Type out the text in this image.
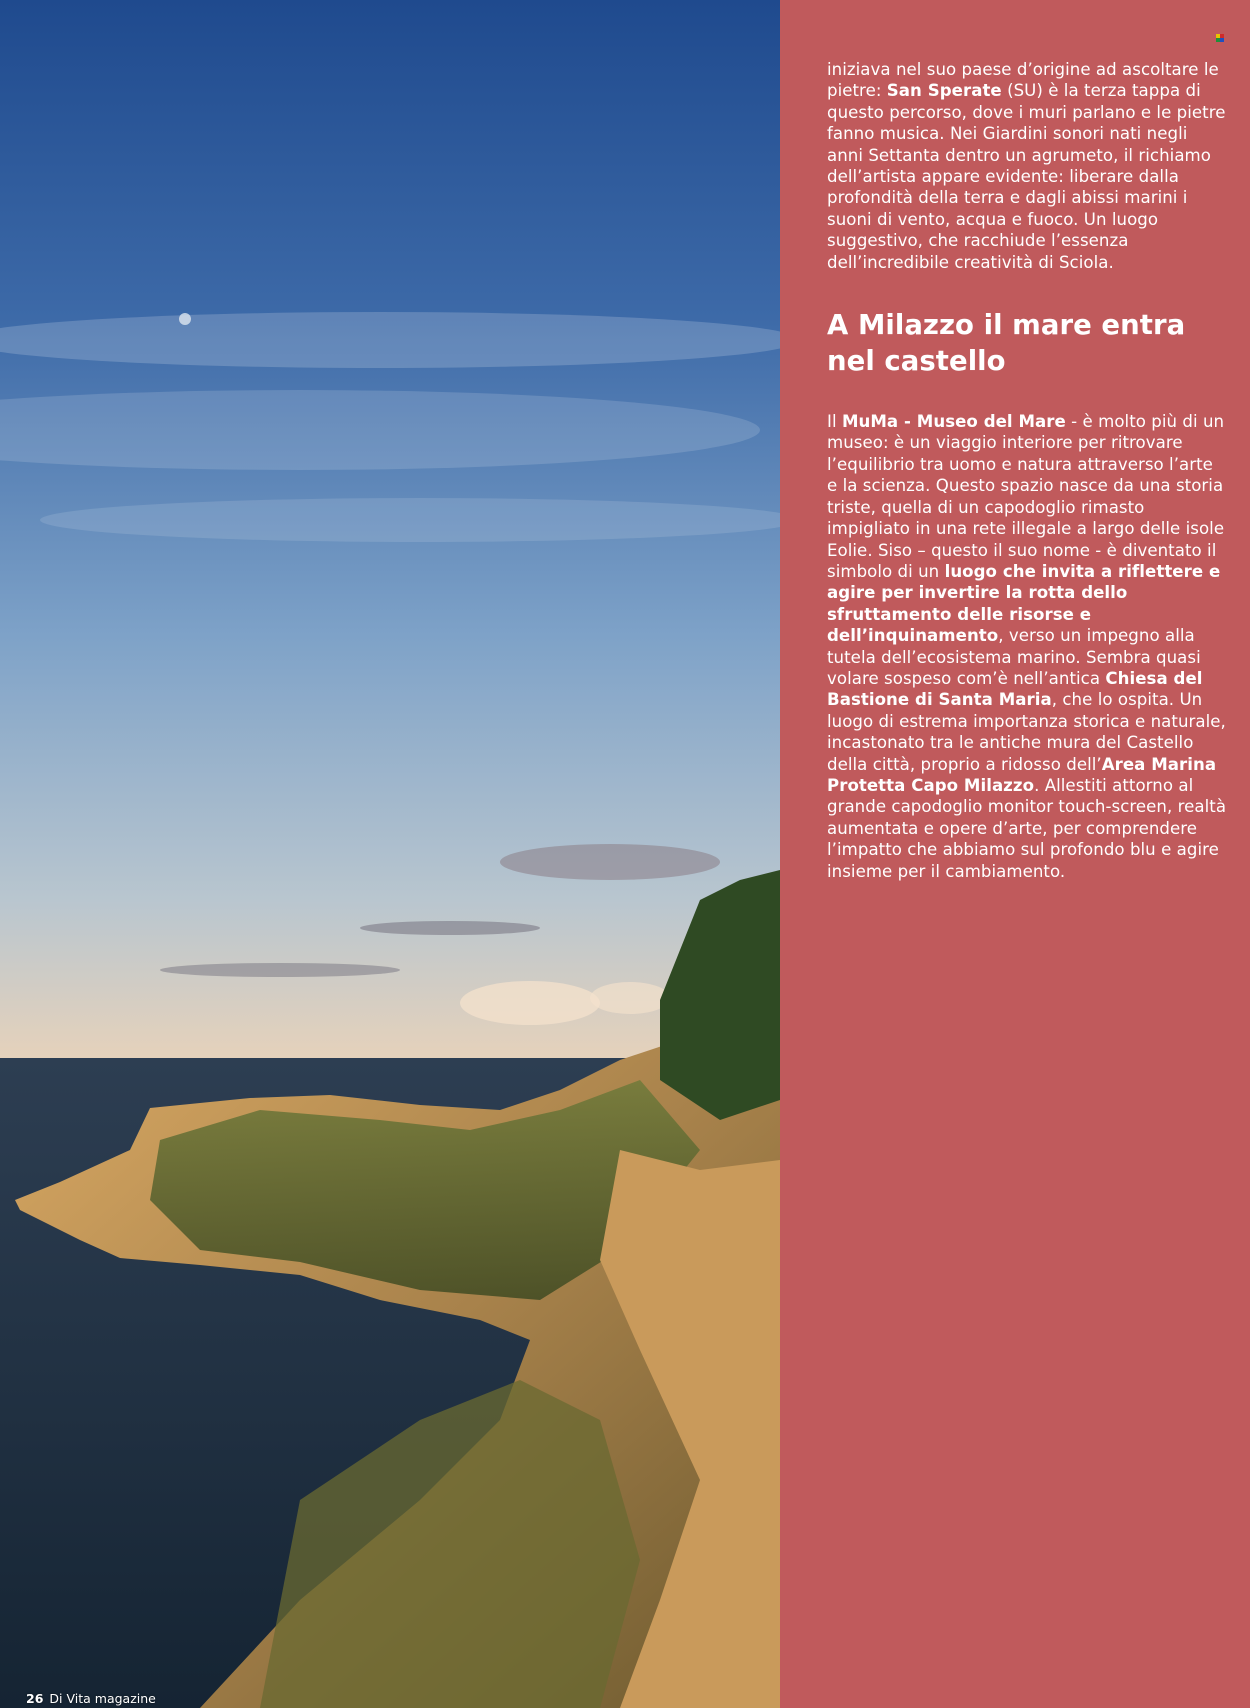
iniziava nel suo paese d’origine ad ascoltare le pietre: San Sperate (SU) è la terza tappa di questo percorso, dove i muri parlano e le pietre fanno musica. Nei Giardini sonori nati negli anni Settanta dentro un agrumeto, il richiamo dell’artista appare evidente: liberare dalla profondità della terra e dagli abissi marini i suoni di vento, acqua e fuoco. Un luogo suggestivo, che racchiude l’essenza dell’incredibile creatività di Sciola.

A Milazzo il mare entra nel castello

Il MuMa - Museo del Mare - è molto più di un museo: è un viaggio interiore per ritrovare l’equilibrio tra uomo e natura attraverso l’arte e la scienza. Questo spazio nasce da una storia triste, quella di un capodoglio rimasto impigliato in una rete illegale a largo delle isole Eolie. Siso – questo il suo nome - è diventato il simbolo di un luogo che invita a riflettere e agire per invertire la rotta dello sfruttamento delle risorse e dell’inquinamento, verso un impegno alla tutela dell’ecosistema marino. Sembra quasi volare sospeso com’è nell’antica Chiesa del Bastione di Santa Maria, che lo ospita. Un luogo di estrema importanza storica e naturale, incastonato tra le antiche mura del Castello della città, proprio a ridosso dell’Area Marina Protetta Capo Milazzo. Allestiti attorno al grande capodoglio monitor touch-screen, realtà aumentata e opere d’arte, per comprendere l’impatto che abbiamo sul profondo blu e agire insieme per il cambiamento.

26 Di Vita magazine
